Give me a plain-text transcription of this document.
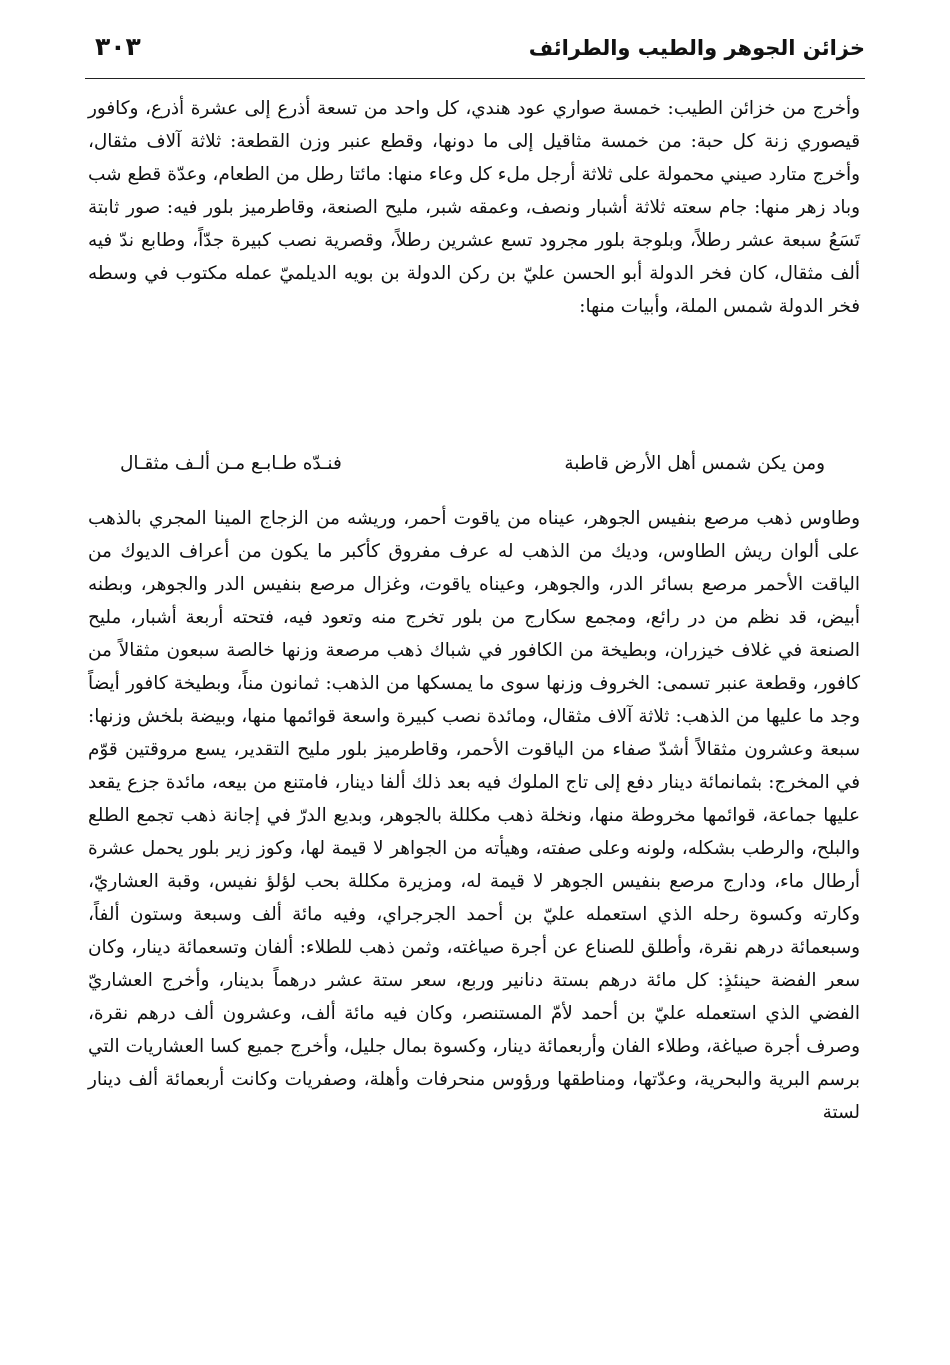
خزائن الجوهر والطيب والطرائف
٣٠٣

وأخرج من خزائن الطيب: خمسة صواري عود هندي، كل واحد من تسعة أذرع إلى عشرة أذرع، وكافور قيصوري زنة كل حبة: من خمسة مثاقيل إلى ما دونها، وقطع عنبر وزن القطعة: ثلاثة آلاف مثقال، وأخرج متارد صيني محمولة على ثلاثة أرجل ملء كل وعاء منها: مائتا رطل من الطعام، وعدّة قطع شب وباد زهر منها: جام سعته ثلاثة أشبار ونصف، وعمقه شبر، مليح الصنعة، وقاطرميز بلور فيه: صور ثابتة تَسَعُ سبعة عشر رطلاً، وبلوجة بلور مجرود تسع عشرين رطلاً، وقصرية نصب كبيرة جدّاً، وطابع ندّ فيه ألف مثقال، كان فخر الدولة أبو الحسن عليّ بن ركن الدولة بن بويه الديلميّ عمله مكتوب في وسطه فخر الدولة شمس الملة، وأبيات منها:

ومن يكن شمس أهل الأرض قاطبة
فنـدّه طـابـع مـن ألـف مثقـال

وطاوس ذهب مرصع بنفيس الجوهر، عيناه من ياقوت أحمر، وريشه من الزجاج المينا المجري بالذهب على ألوان ريش الطاوس، وديك من الذهب له عرف مفروق كأكبر ما يكون من أعراف الديوك من الياقت الأحمر مرصع بسائر الدر، والجوهر، وعيناه ياقوت، وغزال مرصع بنفيس الدر والجوهر، وبطنه أبيض، قد نظم من در رائع، ومجمع سكارج من بلور تخرج منه وتعود فيه، فتحته أربعة أشبار، مليح الصنعة في غلاف خيزران، وبطيخة من الكافور في شباك ذهب مرصعة وزنها خالصة سبعون مثقالاً من كافور، وقطعة عنبر تسمى: الخروف وزنها سوى ما يمسكها من الذهب: ثمانون مناً، وبطيخة كافور أيضاً وجد ما عليها من الذهب: ثلاثة آلاف مثقال، ومائدة نصب كبيرة واسعة قوائمها منها، وبيضة بلخش وزنها: سبعة وعشرون مثقالاً أشدّ صفاء من الياقوت الأحمر، وقاطرميز بلور مليح التقدير، يسع مروقتين قوّم في المخرج: بثمانمائة دينار دفع إلى تاج الملوك فيه بعد ذلك ألفا دينار، فامتنع من بيعه، مائدة جزع يقعد عليها جماعة، قوائمها مخروطة منها، ونخلة ذهب مكللة بالجوهر، وبديع الدرّ في إجانة ذهب تجمع الطلع والبلح، والرطب بشكله، ولونه وعلى صفته، وهيأته من الجواهر لا قيمة لها، وكوز زير بلور يحمل عشرة أرطال ماء، ودارج مرصع بنفيس الجوهر لا قيمة له، ومزيرة مكللة بحب لؤلؤ نفيس، وقبة العشاريّ، وكارته وكسوة رحله الذي استعمله عليّ بن أحمد الجرجراي، وفيه مائة ألف وسبعة وستون ألفاً، وسبعمائة درهم نقرة، وأطلق للصناع عن أجرة صياغته، وثمن ذهب للطلاء: ألفان وتسعمائة دينار، وكان سعر الفضة حينئذٍ: كل مائة درهم بستة دنانير وربع، سعر ستة عشر درهماً بدينار، وأخرج العشاريّ الفضي الذي استعمله عليّ بن أحمد لأمّ المستنصر، وكان فيه مائة ألف، وعشرون ألف درهم نقرة، وصرف أجرة صياغة، وطلاء الفان وأربعمائة دينار، وكسوة بمال جليل، وأخرج جميع كسا العشاريات التي برسم البرية والبحرية، وعدّتها، ومناطقها ورؤوس منحرفات وأهلة، وصفريات وكانت أربعمائة ألف دينار لستة
